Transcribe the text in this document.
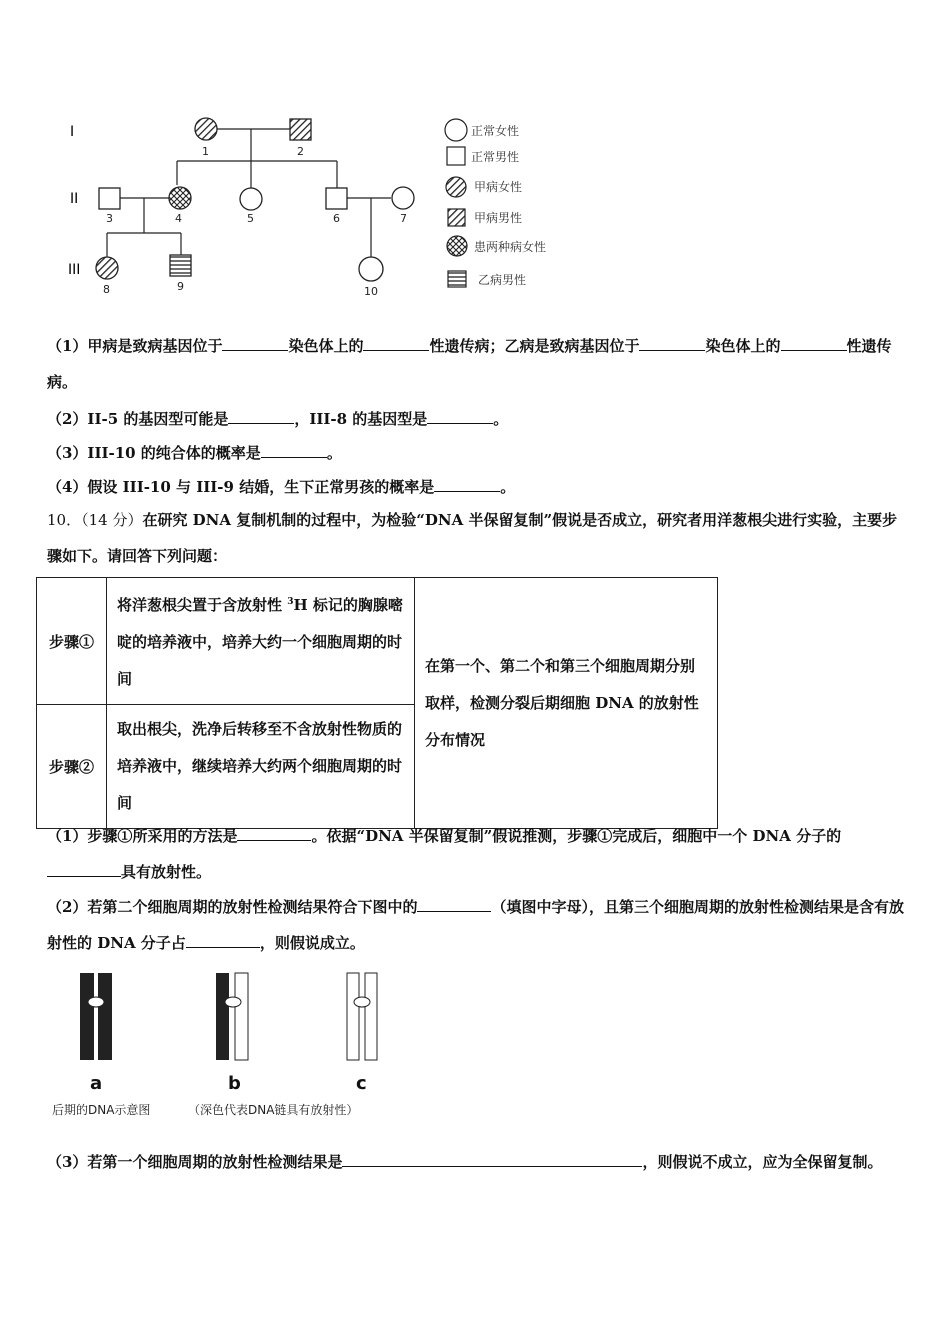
I
II
III
1	2
3	4	5	6	7
8	9	10
正常女性
正常男性
甲病女性
甲病男性
患两种病女性
乙病男性
（1）甲病是致病基因位于	染色体上的	性遗传病；乙病是致病基因位于	染色体上的	性遗传病。
（2）II-5 的基因型可能是	，III-8 的基因型是	。
（3）III-10 的纯合体的概率是	。
（4）假设 III-10 与 III-9 结婚，生下正常男孩的概率是	。
10．（14 分）在研究 DNA 复制机制的过程中，为检验“DNA 半保留复制”假说是否成立，研究者用洋葱根尖进行实验，主要步骤如下。请回答下列问题：
步骤①	将洋葱根尖置于含放射性 $^3$H 标记的胸腺嘧啶的培养液中，培养大约一个细胞周期的时间	在第一个、第二个和第三个细胞周期分别取样，检测分裂后期细胞 DNA 的放射性分布情况
步骤②	取出根尖，洗净后转移至不含放射性物质的培养液中，继续培养大约两个细胞周期的时间	
（1）步骤①所采用的方法是	。依据“DNA 半保留复制”假说推测，步骤①完成后，细胞中一个 DNA 分子的具有放射性。
（2）若第二个细胞周期的放射性检测结果符合下图中的	（填图中字母），且第三个细胞周期的放射性检测结果是含有放射性的 DNA 分子占	，则假说成立。
a	b	c
后期的DNA示意图	（深色代表DNA链具有放射性）
（3）若第一个细胞周期的放射性检测结果是	，则假说不成立，应为全保留复制。
